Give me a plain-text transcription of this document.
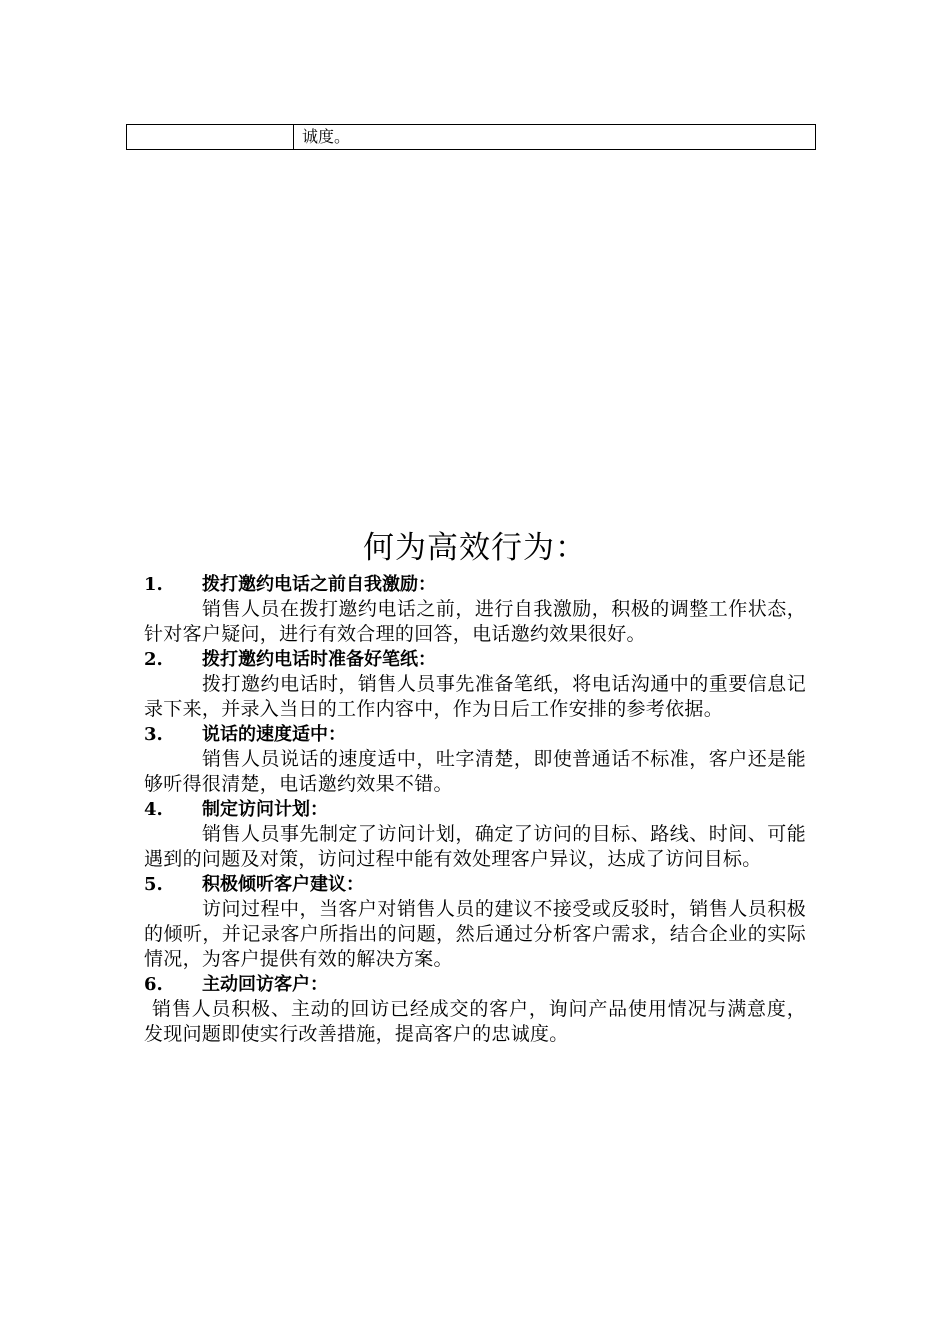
	诚度。
何为高效行为：
1.	拨打邀约电话之前自我激励：

销售人员在拨打邀约电话之前，进行自我激励，积极的调整工作状态，针对客户疑问，进行有效合理的回答，电话邀约效果很好。

2.	拨打邀约电话时准备好笔纸：

拨打邀约电话时，销售人员事先准备笔纸，将电话沟通中的重要信息记录下来，并录入当日的工作内容中，作为日后工作安排的参考依据。

3.	说话的速度适中：

销售人员说话的速度适中，吐字清楚，即使普通话不标准，客户还是能够听得很清楚，电话邀约效果不错。

4.	制定访问计划：

销售人员事先制定了访问计划，确定了访问的目标、路线、时间、可能遇到的问题及对策，访问过程中能有效处理客户异议，达成了访问目标。

5.	积极倾听客户建议：

访问过程中，当客户对销售人员的建议不接受或反驳时，销售人员积极的倾听，并记录客户所指出的问题，然后通过分析客户需求，结合企业的实际情况，为客户提供有效的解决方案。

6.	主动回访客户：

销售人员积极、主动的回访已经成交的客户，询问产品使用情况与满意度，发现问题即使实行改善措施，提高客户的忠诚度。
